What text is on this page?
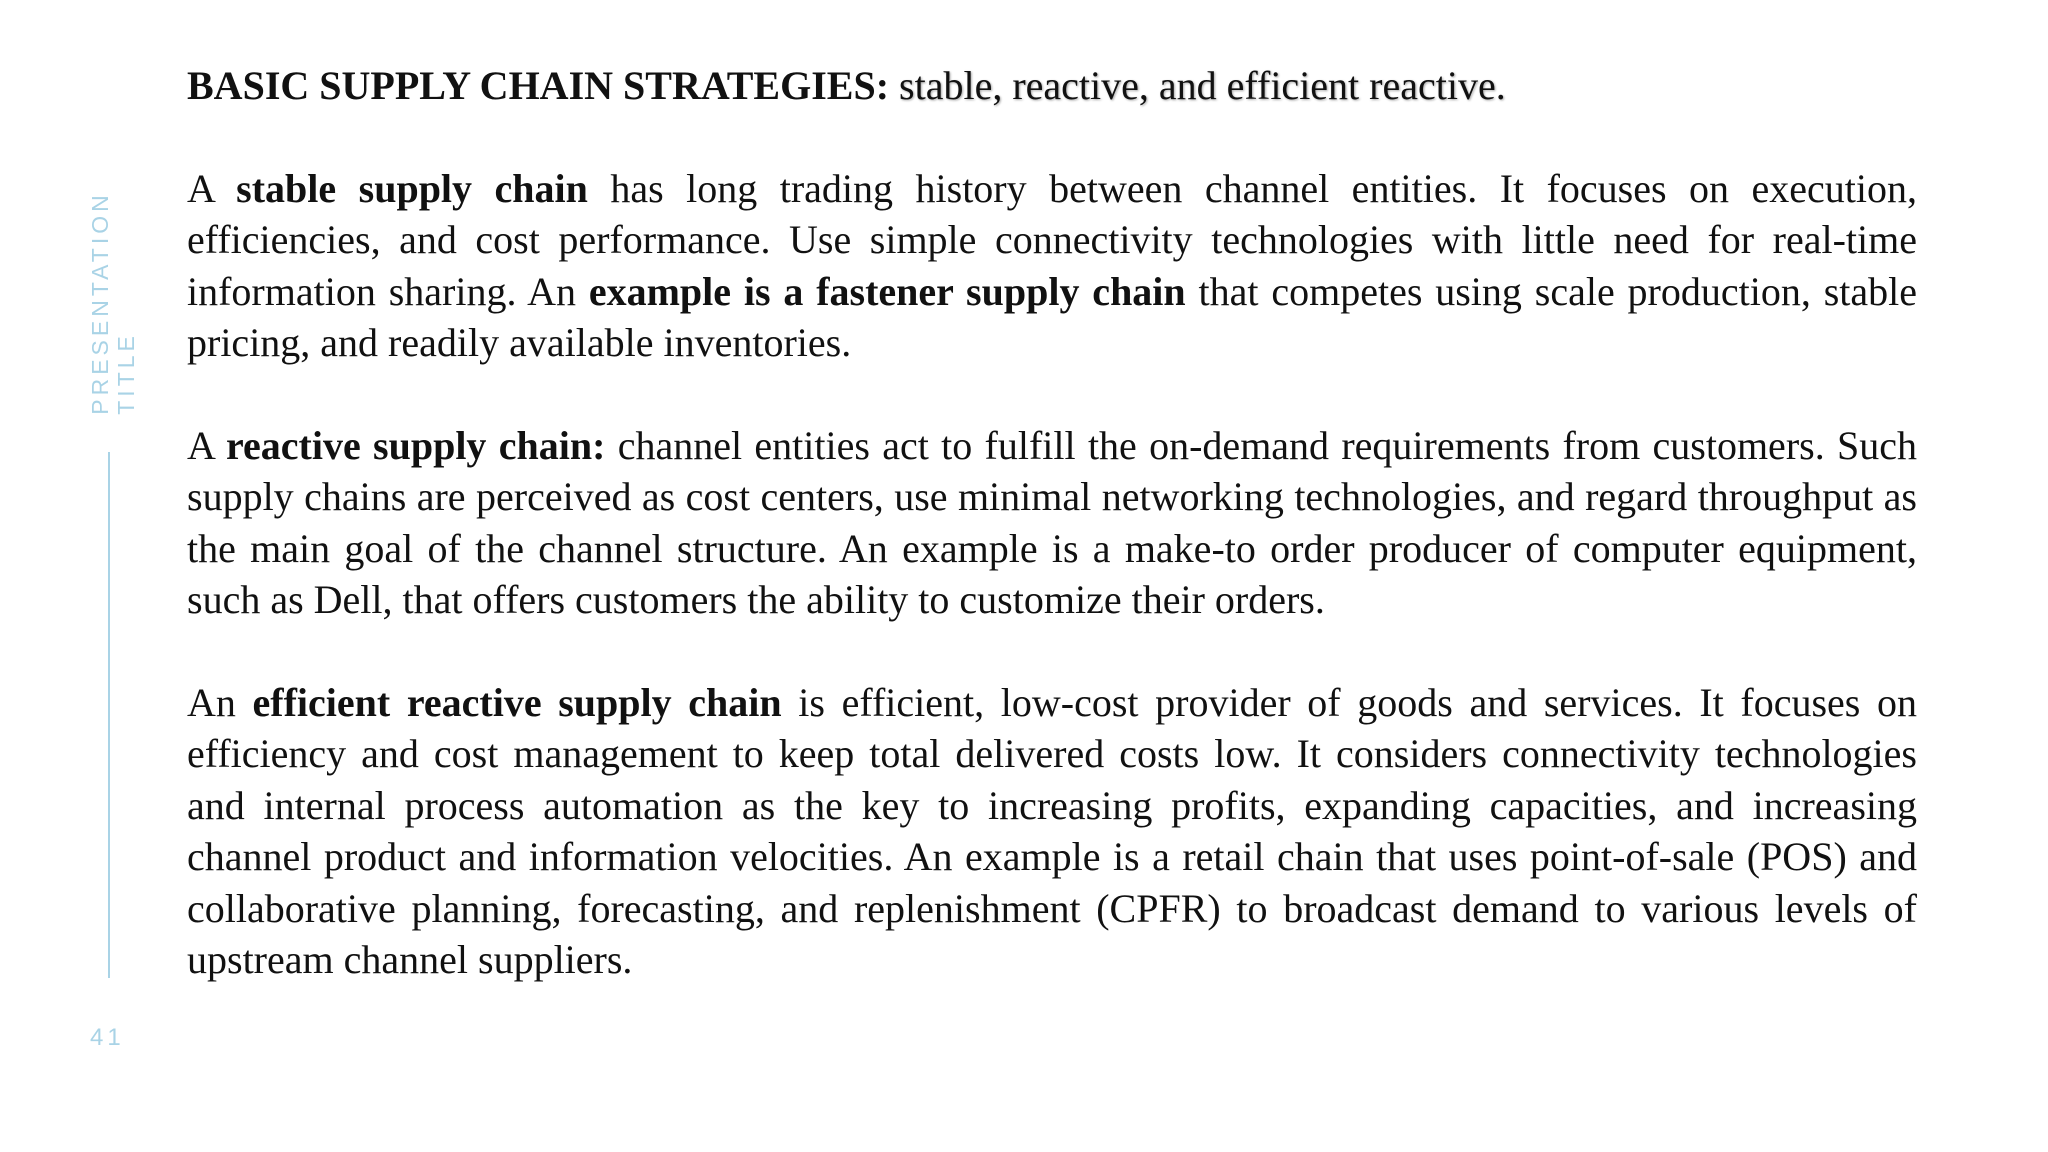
PRESENTATION TITLE
41

BASIC SUPPLY CHAIN STRATEGIES: stable, reactive, and efficient reactive.

A stable supply chain has long trading history between channel entities. It focuses on execution, efficiencies, and cost performance. Use simple connectivity technologies with little need for real-time information sharing. An example is a fastener supply chain that competes using scale production, stable pricing, and readily available inventories.

A reactive supply chain: channel entities act to fulfill the on-demand requirements from customers. Such supply chains are perceived as cost centers, use minimal networking technologies, and regard throughput as the main goal of the channel structure. An example is a make-to order producer of computer equipment, such as Dell, that offers customers the ability to customize their orders.

An efficient reactive supply chain is efficient, low-cost provider of goods and services. It focuses on efficiency and cost management to keep total delivered costs low. It considers connectivity technologies and internal process automation as the key to increasing profits, expanding capacities, and increasing channel product and information velocities. An example is a retail chain that uses point-of-sale (POS) and collaborative planning, forecasting, and replenishment (CPFR) to broadcast demand to various levels of upstream channel suppliers.
